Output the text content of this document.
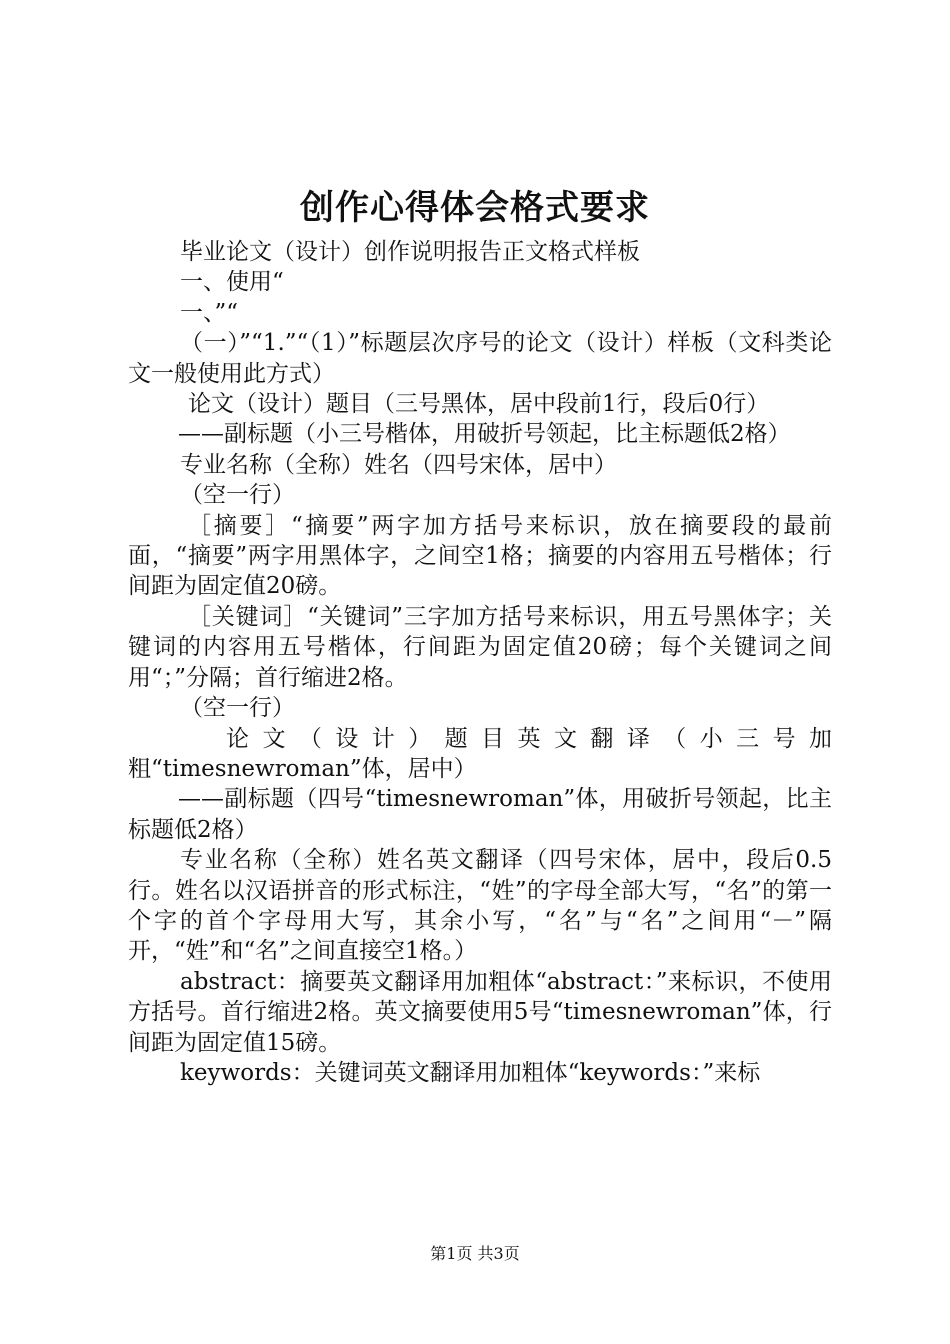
创作心得体会格式要求

毕业论文（设计）创作说明报告正文格式样板

一、使用“

一、”“

（一）”“1.”“（1）”标题层次序号的论文（设计）样板（文科类论文一般使用此方式）

论文（设计）题目（三号黑体，居中段前1行，段后0行）

——副标题（小三号楷体，用破折号领起，比主标题低2格）

专业名称（全称）姓名（四号宋体，居中）

（空一行）

［摘要］“摘要”两字加方括号来标识，放在摘要段的最前面，“摘要”两字用黑体字，之间空1格；摘要的内容用五号楷体；行间距为固定值20磅。

［关键词］“关键词”三字加方括号来标识，用五号黑体字；关键词的内容用五号楷体，行间距为固定值20磅；每个关键词之间用“；”分隔；首行缩进2格。

（空一行）

论文（设计）题目英文翻译（小三号加粗“timesnewroman”体，居中）

——副标题（四号“timesnewroman”体，用破折号领起，比主标题低2格）

专业名称（全称）姓名英文翻译（四号宋体，居中，段后0.5行。姓名以汉语拼音的形式标注，“姓”的字母全部大写，“名”的第一个字的首个字母用大写，其余小写，“名”与“名”之间用“－”隔开，“姓”和“名”之间直接空1格。）

abstract：摘要英文翻译用加粗体“abstract：”来标识，不使用方括号。首行缩进2格。英文摘要使用5号“timesnewroman”体，行间距为固定值15磅。

keywords：关键词英文翻译用加粗体“keywords：”来标

第1页 共3页
